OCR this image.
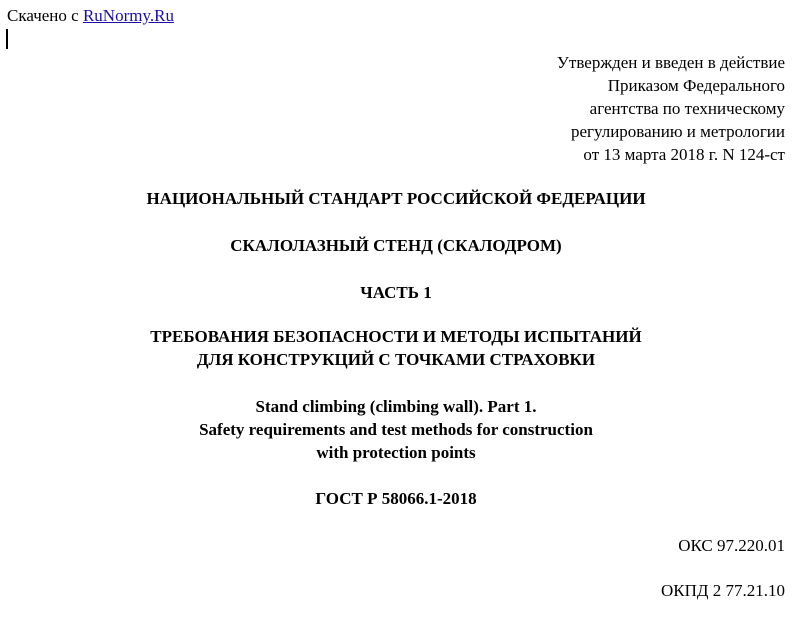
Скачено с RuNormy.Ru
Утвержден и введен в действие
Приказом Федерального
агентства по техническому
регулированию и метрологии
от 13 марта 2018 г. N 124-ст
НАЦИОНАЛЬНЫЙ СТАНДАРТ РОССИЙСКОЙ ФЕДЕРАЦИИ
СКАЛОЛАЗНЫЙ СТЕНД (СКАЛОДРОМ)
ЧАСТЬ 1
ТРЕБОВАНИЯ БЕЗОПАСНОСТИ И МЕТОДЫ ИСПЫТАНИЙ
ДЛЯ КОНСТРУКЦИЙ С ТОЧКАМИ СТРАХОВКИ
Stand climbing (climbing wall). Part 1.
Safety requirements and test methods for construction
with protection points
ГОСТ Р 58066.1-2018
ОКС 97.220.01
ОКПД 2 77.21.10
